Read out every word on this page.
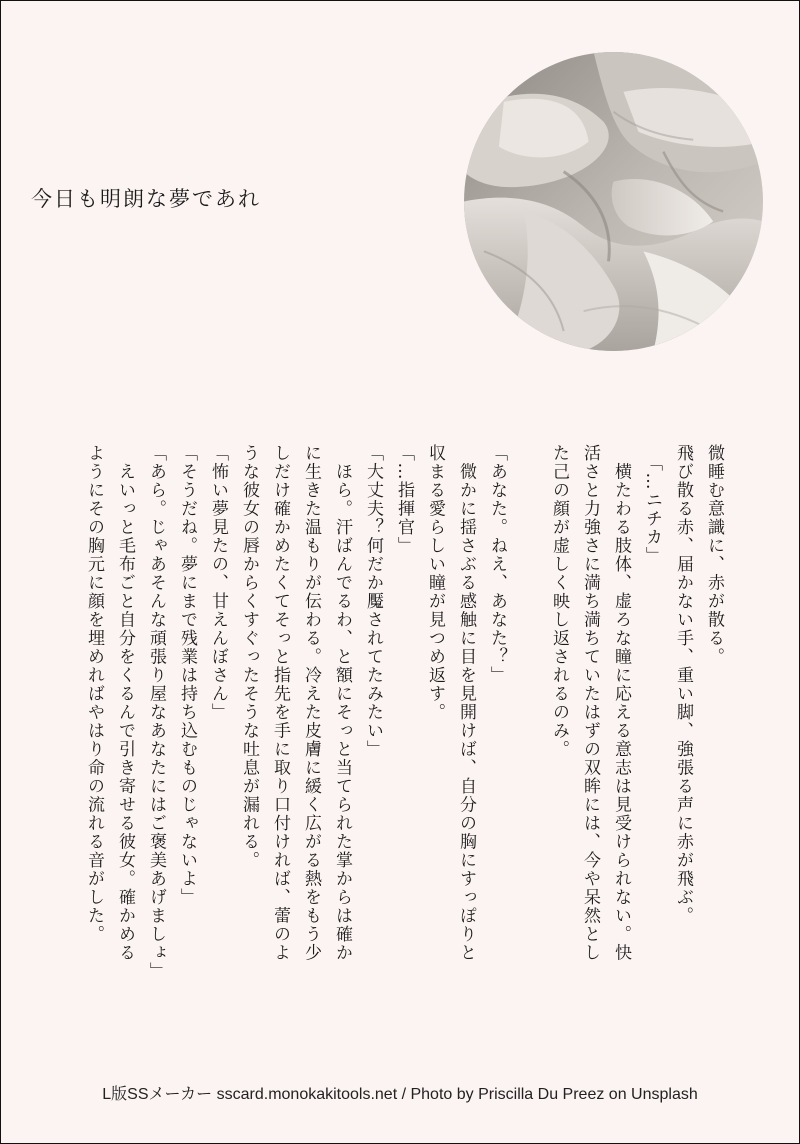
今日も明朗な夢であれ

微睡む意識に、赤が散る。

飛び散る赤、届かない手、重い脚、強張る声に赤が飛ぶ。

　「…ニチカ」

　横たわる肢体、虚ろな瞳に応える意志は見受けられない。快

活さと力強さに満ち満ちていたはずの双眸には、今や呆然とし

た己の顔が虚しく映し返されるのみ。

「あなた。ねえ、あなた？」

　微かに揺さぶる感触に目を見開けば、自分の胸にすっぽりと

収まる愛らしい瞳が見つめ返す。

「…指揮官」

「大丈夫？何だか魘されてたみたい」

　ほら。汗ばんでるわ、と額にそっと当てられた掌からは確か

に生きた温もりが伝わる。冷えた皮膚に緩く広がる熱をもう少

しだけ確かめたくてそっと指先を手に取り口付ければ、蕾のよ

うな彼女の唇からくすぐったそうな吐息が漏れる。

「怖い夢見たの、甘えんぼさん」

「そうだね。夢にまで残業は持ち込むものじゃないよ」

「あら。じゃあそんな頑張り屋なあなたにはご褒美あげましょ」

　えいっと毛布ごと自分をくるんで引き寄せる彼女。確かめる

ようにその胸元に顔を埋めればやはり命の流れる音がした。

L版SSメーカー sscard.monokakitools.net / Photo by Priscilla Du Preez on Unsplash
